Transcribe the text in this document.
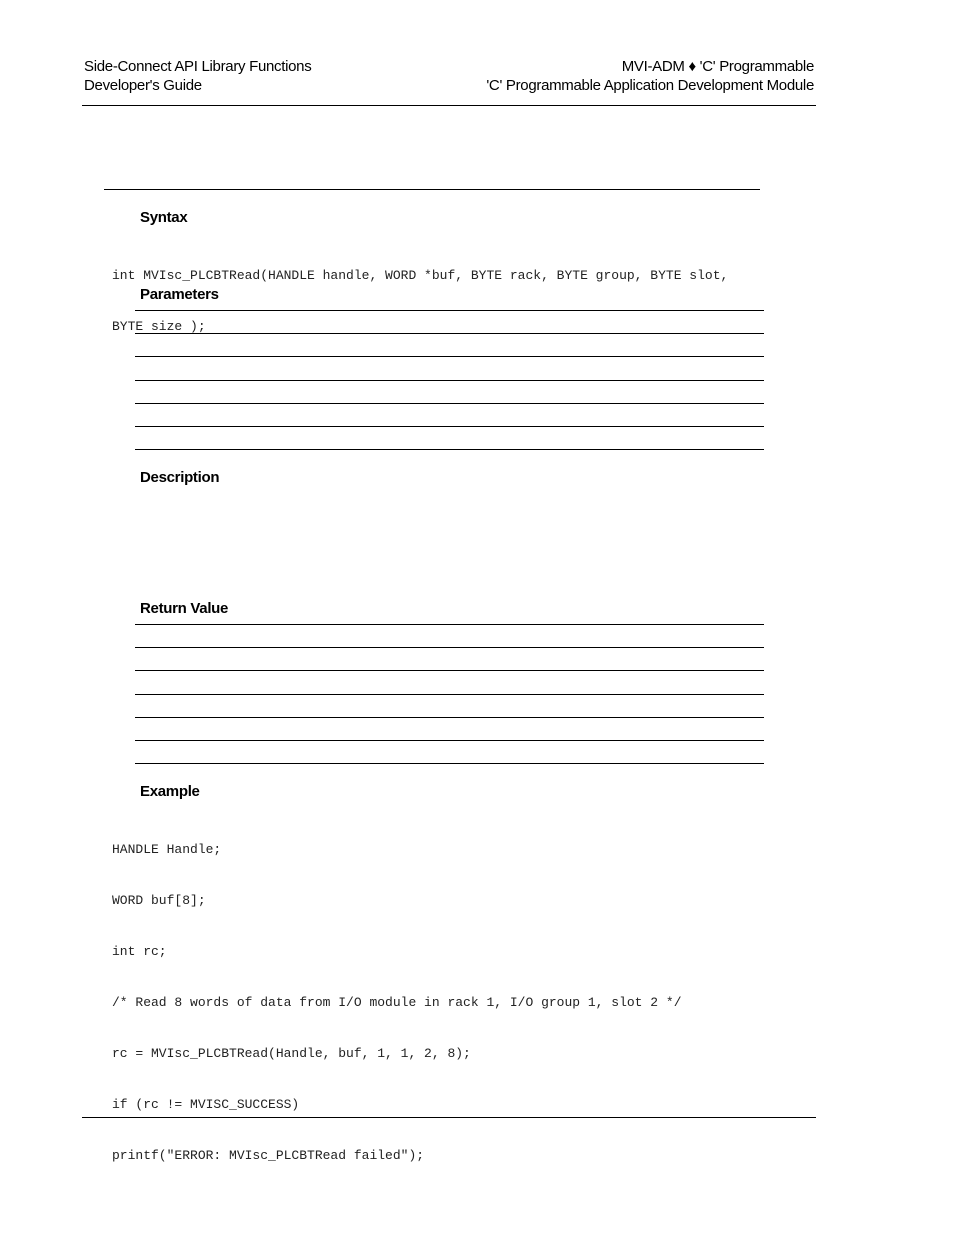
Side-Connect API Library Functions
Developer's Guide
MVI-ADM ♦ 'C' Programmable
'C' Programmable Application Development Module
Syntax

int MVIsc_PLCBTRead(HANDLE handle, WORD *buf, BYTE rack, BYTE group, BYTE slot,

BYTE size );

Parameters
Description
Return Value
Example

HANDLE Handle;

WORD buf[8];

int rc;

/* Read 8 words of data from I/O module in rack 1, I/O group 1, slot 2 */

rc = MVIsc_PLCBTRead(Handle, buf, 1, 1, 2, 8);

if (rc != MVISC_SUCCESS)

printf("ERROR: MVIsc_PLCBTRead failed");
